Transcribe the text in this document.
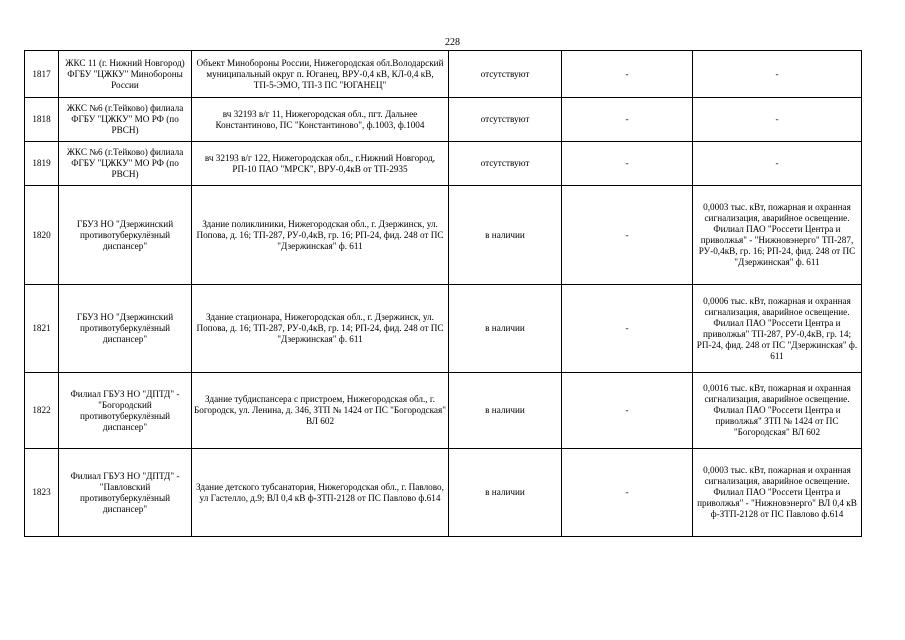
228
1817	ЖКС 11 (г. Нижний Новгород) ФГБУ "ЦЖКУ" Минобороны России	Объект Минобороны России, Нижегородская обл.Володарский муниципальный округ п. Юганец, ВРУ-0,4 кВ, КЛ-0,4 кВ, ТП-5-ЭМО, ТП-3 ПС "ЮГАНЕЦ"	отсутствуют	-	-
1818	ЖКС №6 (г.Тейково) филиала ФГБУ "ЦЖКУ" МО РФ (по РВСН)	вч 32193 в/г 11, Нижегородская обл., пгт. Дальнее Константиново, ПС "Константиново", ф.1003, ф.1004	отсутствуют	-	-
1819	ЖКС №6 (г.Тейково) филиала ФГБУ "ЦЖКУ" МО РФ (по РВСН)	вч 32193 в/г 122, Нижегородская обл., г.Нижний Новгород, РП-10 ПАО "МРСК", ВРУ-0,4кВ от ТП-2935	отсутствуют	-	-
1820	ГБУЗ НО "Дзержинский противотуберкулёзный диспансер"	Здание поликлиники, Нижегородская обл., г. Дзержинск, ул. Попова, д. 16; ТП-287, РУ-0,4кВ, гр. 16; РП-24, фид. 248 от ПС "Дзержинская" ф. 611	в наличии	-	0,0003 тыс. кВт, пожарная и охранная сигнализация, аварийное освещение. Филиал ПАО "Россети Центра и приволжья" - "Нижновэнерго" ТП-287, РУ-0,4кВ, гр. 16; РП-24, фид. 248 от ПС "Дзержинская" ф. 611
1821	ГБУЗ НО "Дзержинский противотуберкулёзный диспансер"	Здание стационара, Нижегородская обл., г. Дзержинск, ул. Попова, д. 16; ТП-287, РУ-0,4кВ, гр. 14; РП-24, фид. 248 от ПС "Дзержинская" ф. 611	в наличии	-	0,0006 тыс. кВт, пожарная и охранная сигнализация, аварийное освещение. Филиал ПАО "Россети Центра и приволжья" ТП-287, РУ-0,4кВ, гр. 14; РП-24, фид. 248 от ПС "Дзержинская" ф. 611
1822	Филиал ГБУЗ НО "ДПТД" - "Богородский противотуберкулёзный диспансер"	Здание тубдиспансера с пристроем, Нижегородская обл., г. Богородск, ул. Ленина, д. 346, ЗТП № 1424 от ПС "Богородская" ВЛ 602	в наличии	-	0,0016 тыс. кВт, пожарная и охранная сигнализация, аварийное освещение. Филиал ПАО "Россети Центра и приволжья" ЗТП № 1424 от ПС "Богородская" ВЛ 602
1823	Филиал ГБУЗ НО "ДПТД" - "Павловский противотуберкулёзный диспансер"	Здание детского тубсанатория, Нижегородская обл., г. Павлово, ул Гастелло, д.9; ВЛ 0,4 кВ ф-ЗТП-2128 от ПС Павлово ф.614	в наличии	-	0,0003 тыс. кВт, пожарная и охранная сигнализация, аварийное освещение. Филиал ПАО "Россети Центра и приволжья" - "Нижновэнерго" ВЛ 0,4 кВ ф-ЗТП-2128 от ПС Павлово ф.614
